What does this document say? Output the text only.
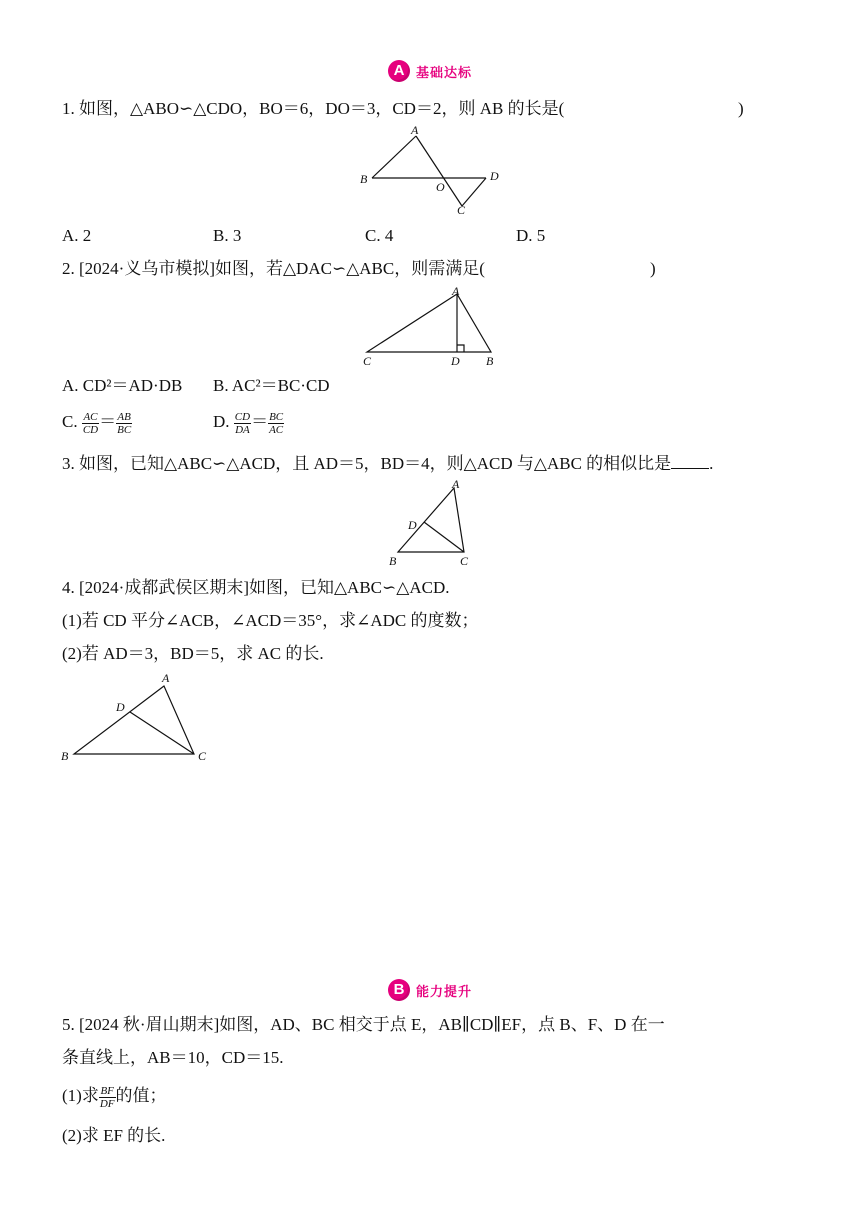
A 基础达标
1. 如图，△ABO∽△CDO，BO＝6，DO＝3，CD＝2，则 AB 的长是(	)
A
B
O
D
C
A. 2	B. 3	C. 4	D. 5
2. [2024·义乌市模拟]如图，若△DAC∽△ABC，则需满足(	)
A
C	D B
A. CD²＝AD·DB B. AC²＝BC·CD
C. $\frac{AC}{CD} = \frac{AB}{BC}$	D. $\frac{CD}{DA} = \frac{BC}{AC}$
3. 如图，已知△ABC∽△ACD，且 AD＝5，BD＝4，则△ACD 与△ABC 的相似比是 .
A
D
B	C
4. [2024·成都武侯区期末]如图，已知△ABC∽△ACD.
(1)若 CD 平分∠ACB，∠ACD＝35°，求∠ADC 的度数；
(2)若 AD＝3，BD＝5，求 AC 的长.
A
D
B	C
B 能力提升
5. [2024 秋·眉山期末]如图，AD、BC 相交于点 E，AB∥CD∥EF，点 B、F、D 在一
条直线上，AB＝10，CD＝15.
(1)求 $\frac{BF}{DF}$ 的值；
(2)求 EF 的长.
